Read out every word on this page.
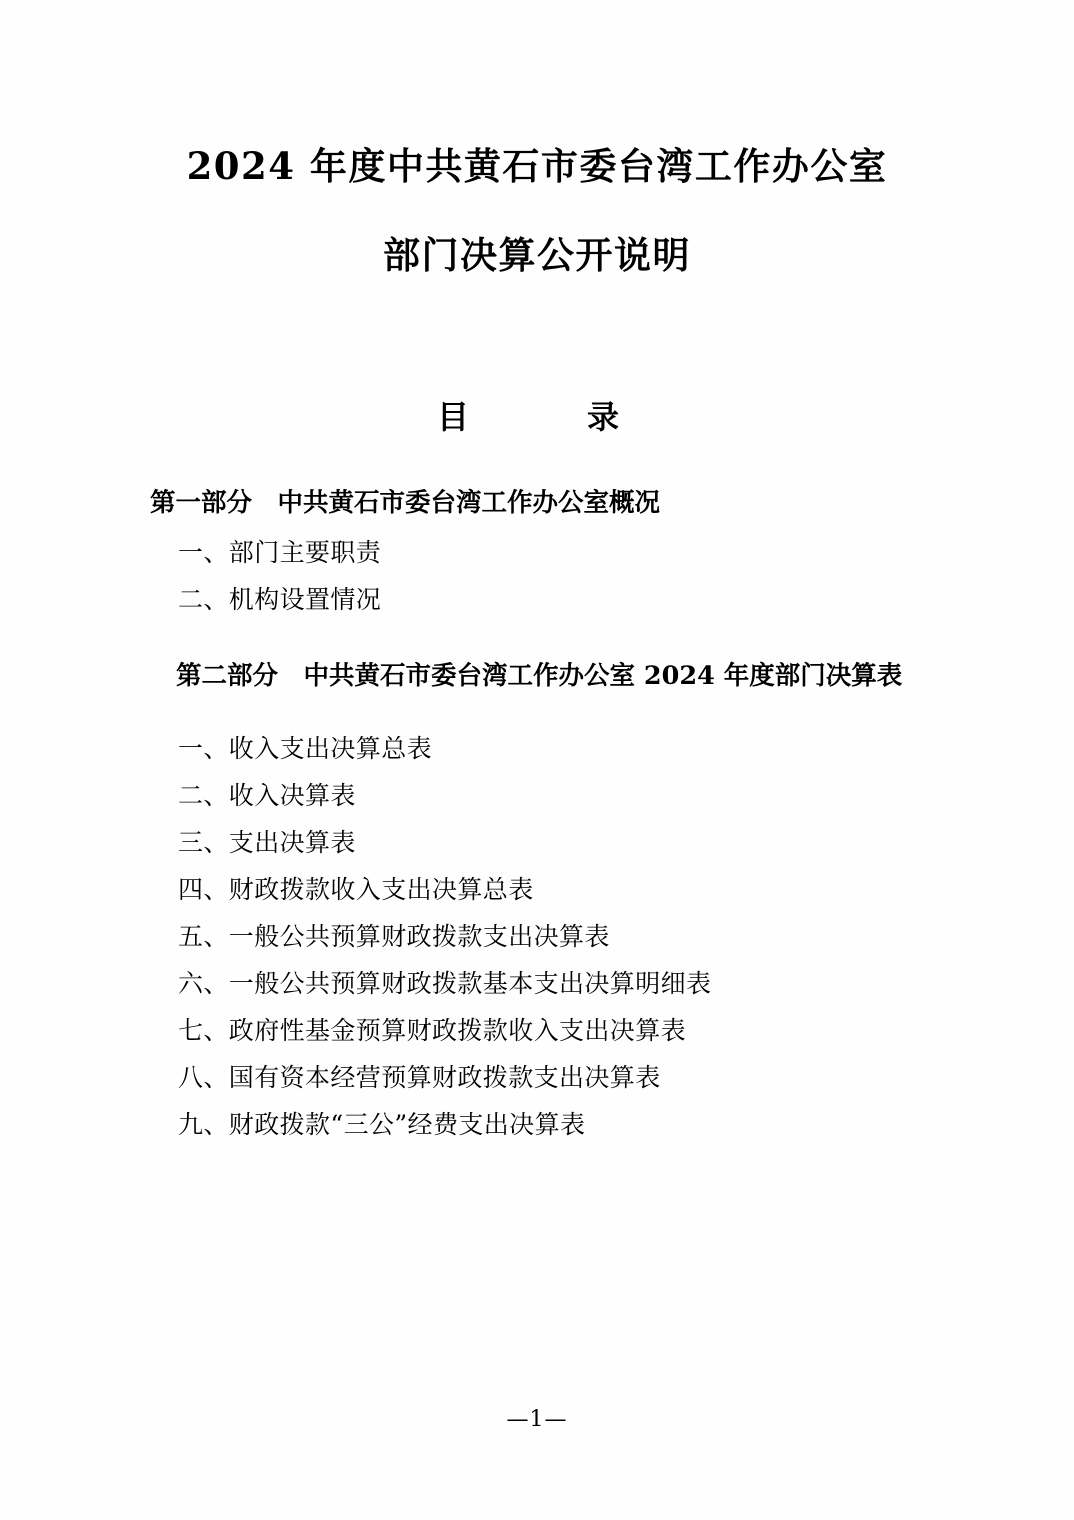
2024 年度中共黄石市委台湾工作办公室
部门决算公开说明
目　　录
第一部分　中共黄石市委台湾工作办公室概况
一、部门主要职责
二、机构设置情况
第二部分　中共黄石市委台湾工作办公室 2024 年度部门决算表
一、收入支出决算总表
二、收入决算表
三、支出决算表
四、财政拨款收入支出决算总表
五、一般公共预算财政拨款支出决算表
六、一般公共预算财政拨款基本支出决算明细表
七、政府性基金预算财政拨款收入支出决算表
八、国有资本经营预算财政拨款支出决算表
九、财政拨款“三公”经费支出决算表
—1—
